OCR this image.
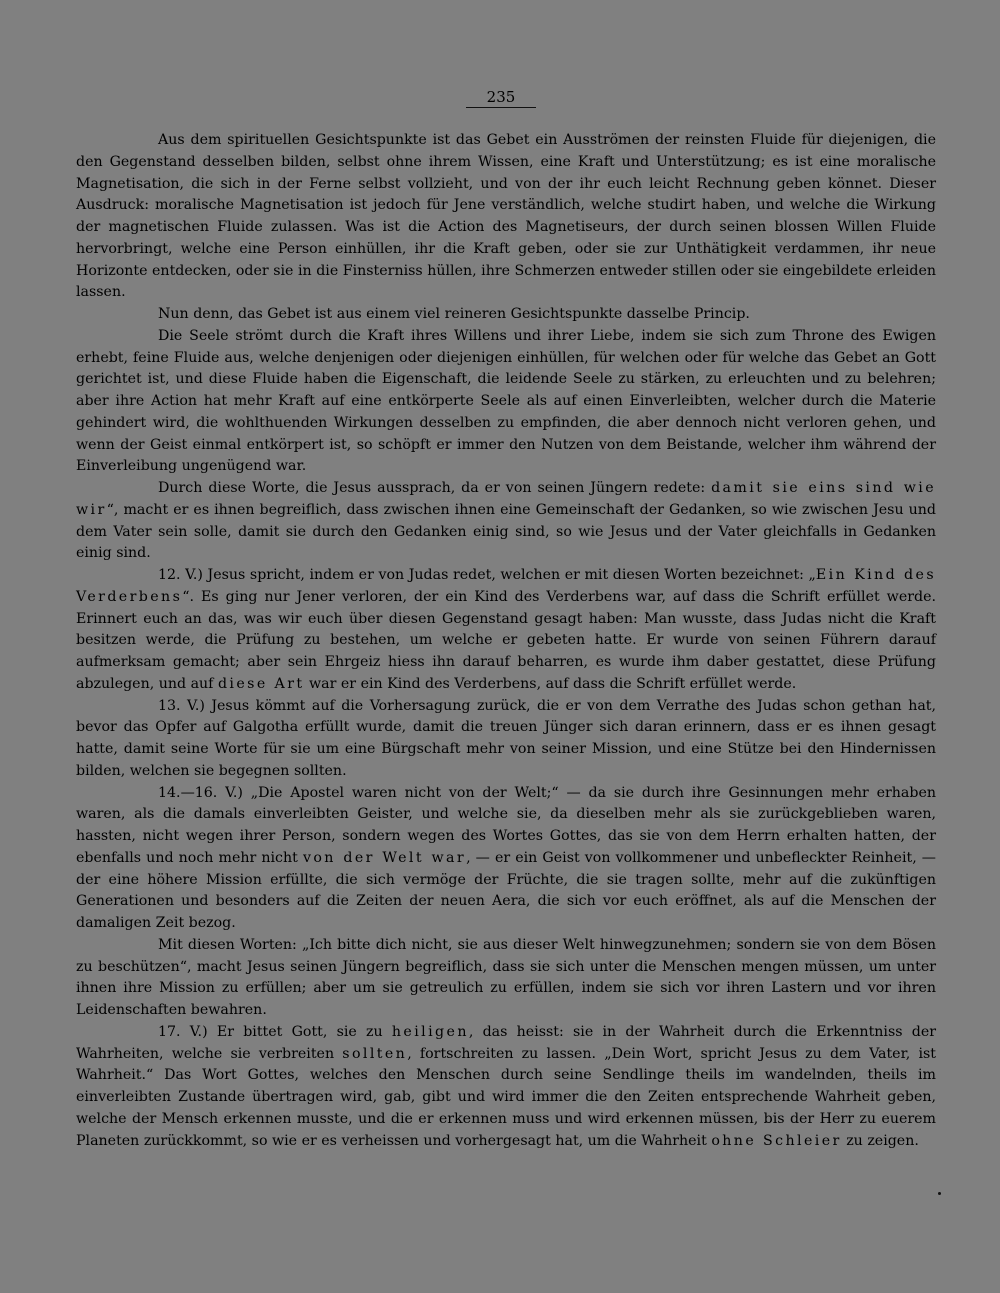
235

Aus dem spirituellen Gesichtspunkte ist das Gebet ein Ausströmen der reinsten Fluide für diejenigen, die den Gegenstand desselben bilden, selbst ohne ihrem Wissen, eine Kraft und Unterstützung; es ist eine moralische Magnetisation, die sich in der Ferne selbst vollzieht, und von der ihr euch leicht Rechnung geben könnet. Dieser Ausdruck: moralische Magnetisation ist jedoch für Jene verständlich, welche studirt haben, und welche die Wirkung der magnetischen Fluide zulassen. Was ist die Action des Magnetiseurs, der durch seinen blossen Willen Fluide hervorbringt, welche eine Person einhüllen, ihr die Kraft geben, oder sie zur Unthätigkeit verdammen, ihr neue Horizonte entdecken, oder sie in die Finsterniss hüllen, ihre Schmerzen entweder stillen oder sie eingebildete erleiden lassen.

Nun denn, das Gebet ist aus einem viel reineren Gesichtspunkte dasselbe Princip.

Die Seele strömt durch die Kraft ihres Willens und ihrer Liebe, indem sie sich zum Throne des Ewigen erhebt, feine Fluide aus, welche denjenigen oder diejenigen einhüllen, für welchen oder für welche das Gebet an Gott gerichtet ist, und diese Fluide haben die Eigenschaft, die leidende Seele zu stärken, zu erleuchten und zu belehren; aber ihre Action hat mehr Kraft auf eine entkörperte Seele als auf einen Einverleibten, welcher durch die Materie gehindert wird, die wohlthuenden Wirkungen desselben zu empfinden, die aber dennoch nicht verloren gehen, und wenn der Geist einmal entkörpert ist, so schöpft er immer den Nutzen von dem Beistande, welcher ihm während der Einverleibung ungenügend war.

Durch diese Worte, die Jesus aussprach, da er von seinen Jüngern redete: damit sie eins sind wie wir“, macht er es ihnen begreiflich, dass zwischen ihnen eine Gemeinschaft der Gedanken, so wie zwischen Jesu und dem Vater sein solle, damit sie durch den Gedanken einig sind, so wie Jesus und der Vater gleichfalls in Gedanken einig sind.

12. V.) Jesus spricht, indem er von Judas redet, welchen er mit diesen Worten bezeichnet: „Ein Kind des Verderbens“. Es ging nur Jener verloren, der ein Kind des Verderbens war, auf dass die Schrift erfüllet werde. Erinnert euch an das, was wir euch über diesen Gegenstand gesagt haben: Man wusste, dass Judas nicht die Kraft besitzen werde, die Prüfung zu bestehen, um welche er gebeten hatte. Er wurde von seinen Führern darauf aufmerksam gemacht; aber sein Ehrgeiz hiess ihn darauf beharren, es wurde ihm daber gestattet, diese Prüfung abzulegen, und auf diese Art war er ein Kind des Verderbens, auf dass die Schrift erfüllet werde.

13. V.) Jesus kömmt auf die Vorhersagung zurück, die er von dem Verrathe des Judas schon gethan hat, bevor das Opfer auf Galgotha erfüllt wurde, damit die treuen Jünger sich daran erinnern, dass er es ihnen gesagt hatte, damit seine Worte für sie um eine Bürgschaft mehr von seiner Mission, und eine Stütze bei den Hindernissen bilden, welchen sie begegnen sollten.

14.—16. V.) „Die Apostel waren nicht von der Welt;“ — da sie durch ihre Gesinnungen mehr erhaben waren, als die damals einverleibten Geister, und welche sie, da dieselben mehr als sie zurückgeblieben waren, hassten, nicht wegen ihrer Person, sondern wegen des Wortes Gottes, das sie von dem Herrn erhalten hatten, der ebenfalls und noch mehr nicht von der Welt war, — er ein Geist von vollkommener und unbefleckter Reinheit, — der eine höhere Mission erfüllte, die sich vermöge der Früchte, die sie tragen sollte, mehr auf die zukünftigen Generationen und besonders auf die Zeiten der neuen Aera, die sich vor euch eröffnet, als auf die Menschen der damaligen Zeit bezog.

Mit diesen Worten: „Ich bitte dich nicht, sie aus dieser Welt hinwegzunehmen; sondern sie von dem Bösen zu beschützen“, macht Jesus seinen Jüngern begreiflich, dass sie sich unter die Menschen mengen müssen, um unter ihnen ihre Mission zu erfüllen; aber um sie getreulich zu erfüllen, indem sie sich vor ihren Lastern und vor ihren Leidenschaften bewahren.

17. V.) Er bittet Gott, sie zu heiligen, das heisst: sie in der Wahrheit durch die Erkenntniss der Wahrheiten, welche sie verbreiten sollten, fortschreiten zu lassen. „Dein Wort, spricht Jesus zu dem Vater, ist Wahrheit.“ Das Wort Gottes, welches den Menschen durch seine Sendlinge theils im wandelnden, theils im einverleibten Zustande übertragen wird, gab, gibt und wird immer die den Zeiten entsprechende Wahrheit geben, welche der Mensch erkennen musste, und die er erkennen muss und wird erkennen müssen, bis der Herr zu euerem Planeten zurückkommt, so wie er es verheissen und vorhergesagt hat, um die Wahrheit ohne Schleier zu zeigen.
